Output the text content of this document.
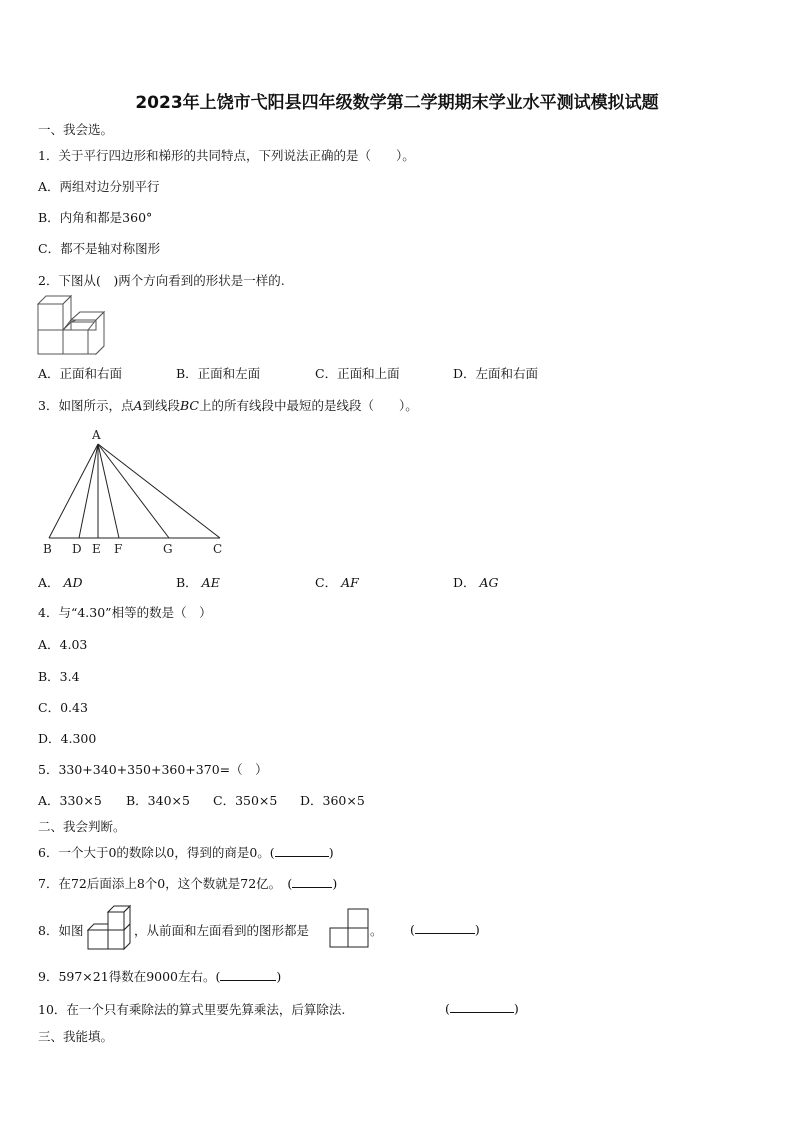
2023年上饶市弋阳县四年级数学第二学期期末学业水平测试模拟试题
一、我会选。
1．关于平行四边形和梯形的共同特点，下列说法正确的是（　　）。
A．两组对边分别平行
B．内角和都是360°
C．都不是轴对称图形
2．下图从(　)两个方向看到的形状是一样的.
A．正面和右面	B．正面和左面	C．正面和上面	D．左面和右面
3．如图所示，点A到线段BC上的所有线段中最短的是线段（　　）。
A
B D E F	G	C
A． AD	B． AE	C． AF	D． AG
4．与“4.30”相等的数是（　）
A．4.03
B．3.4
C．0.43
D．4.300
5．330+340+350+360+370=（　）
A．330×5 B．340×5 C．350×5 D．360×5
二、我会判断。
6．一个大于0的数除以0，得到的商是0。(	)
7．在72后面添上8个0，这个数就是72亿。　(	)
8．如图	，从前面和左面看到的图形都是	。 (	)
9．597×21得数在9000左右。(	)
10．在一个只有乘除法的算式里要先算乘法，后算除法.	(	)
三、我能填。
